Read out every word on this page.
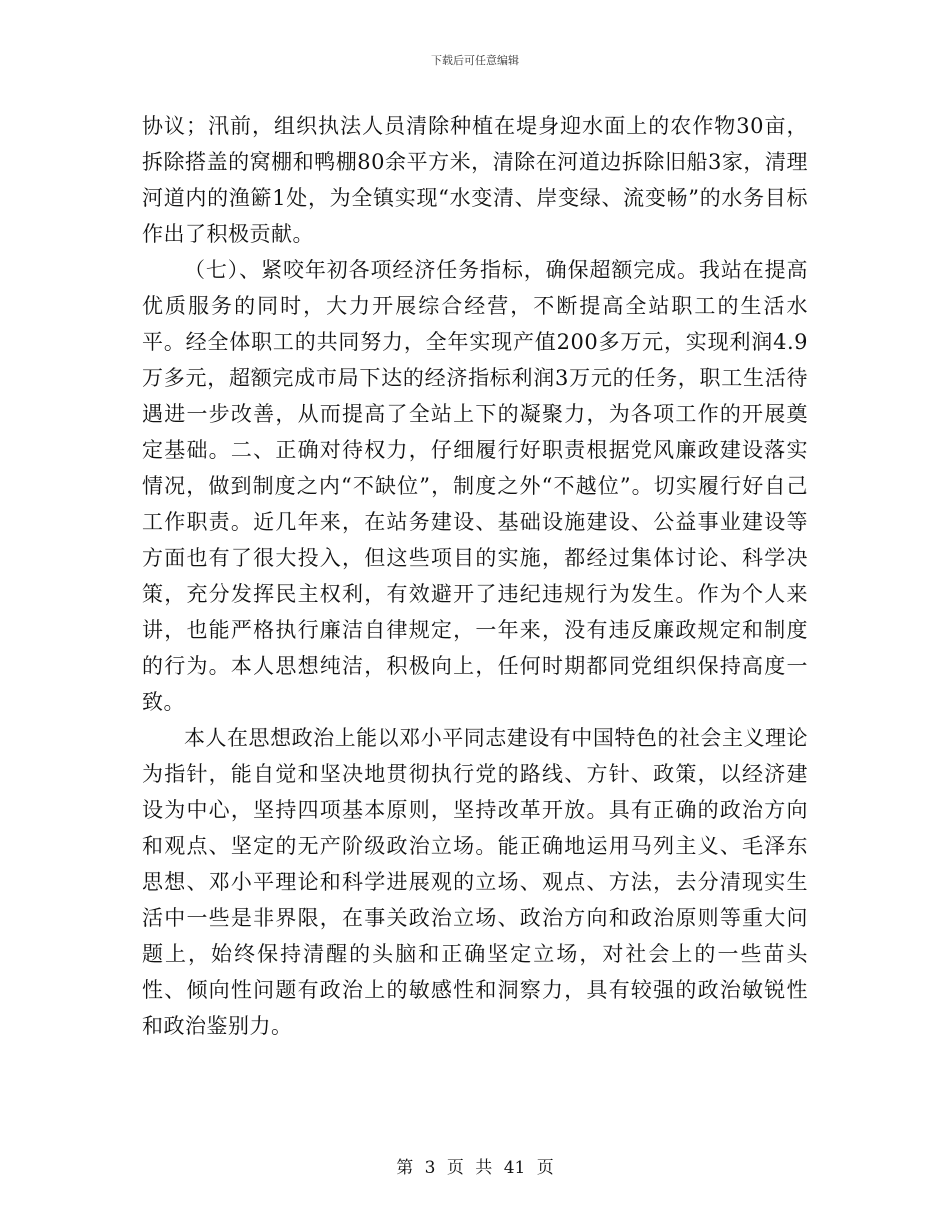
下载后可任意编辑

协议；汛前，组织执法人员清除种植在堤身迎水面上的农作物30亩，拆除搭盖的窝棚和鸭棚80余平方米，清除在河道边拆除旧船3家，清理河道内的渔簖1处，为全镇实现“水变清、岸变绿、流变畅”的水务目标作出了积极贡献。

（七）、紧咬年初各项经济任务指标，确保超额完成。我站在提高优质服务的同时，大力开展综合经营，不断提高全站职工的生活水平。经全体职工的共同努力，全年实现产值200多万元，实现利润4.9万多元，超额完成市局下达的经济指标利润3万元的任务，职工生活待遇进一步改善，从而提高了全站上下的凝聚力，为各项工作的开展奠定基础。二、正确对待权力，仔细履行好职责根据党风廉政建设落实情况，做到制度之内“不缺位”，制度之外“不越位”。切实履行好自己工作职责。近几年来，在站务建设、基础设施建设、公益事业建设等方面也有了很大投入，但这些项目的实施，都经过集体讨论、科学决策，充分发挥民主权利，有效避开了违纪违规行为发生。作为个人来讲，也能严格执行廉洁自律规定，一年来，没有违反廉政规定和制度的行为。本人思想纯洁，积极向上，任何时期都同党组织保持高度一致。

本人在思想政治上能以邓小平同志建设有中国特色的社会主义理论为指针，能自觉和坚决地贯彻执行党的路线、方针、政策，以经济建设为中心，坚持四项基本原则，坚持改革开放。具有正确的政治方向和观点、坚定的无产阶级政治立场。能正确地运用马列主义、毛泽东思想、邓小平理论和科学进展观的立场、观点、方法，去分清现实生活中一些是非界限，在事关政治立场、政治方向和政治原则等重大问题上，始终保持清醒的头脑和正确坚定立场，对社会上的一些苗头性、倾向性问题有政治上的敏感性和洞察力，具有较强的政治敏锐性和政治鉴别力。

第 3 页 共 41 页
